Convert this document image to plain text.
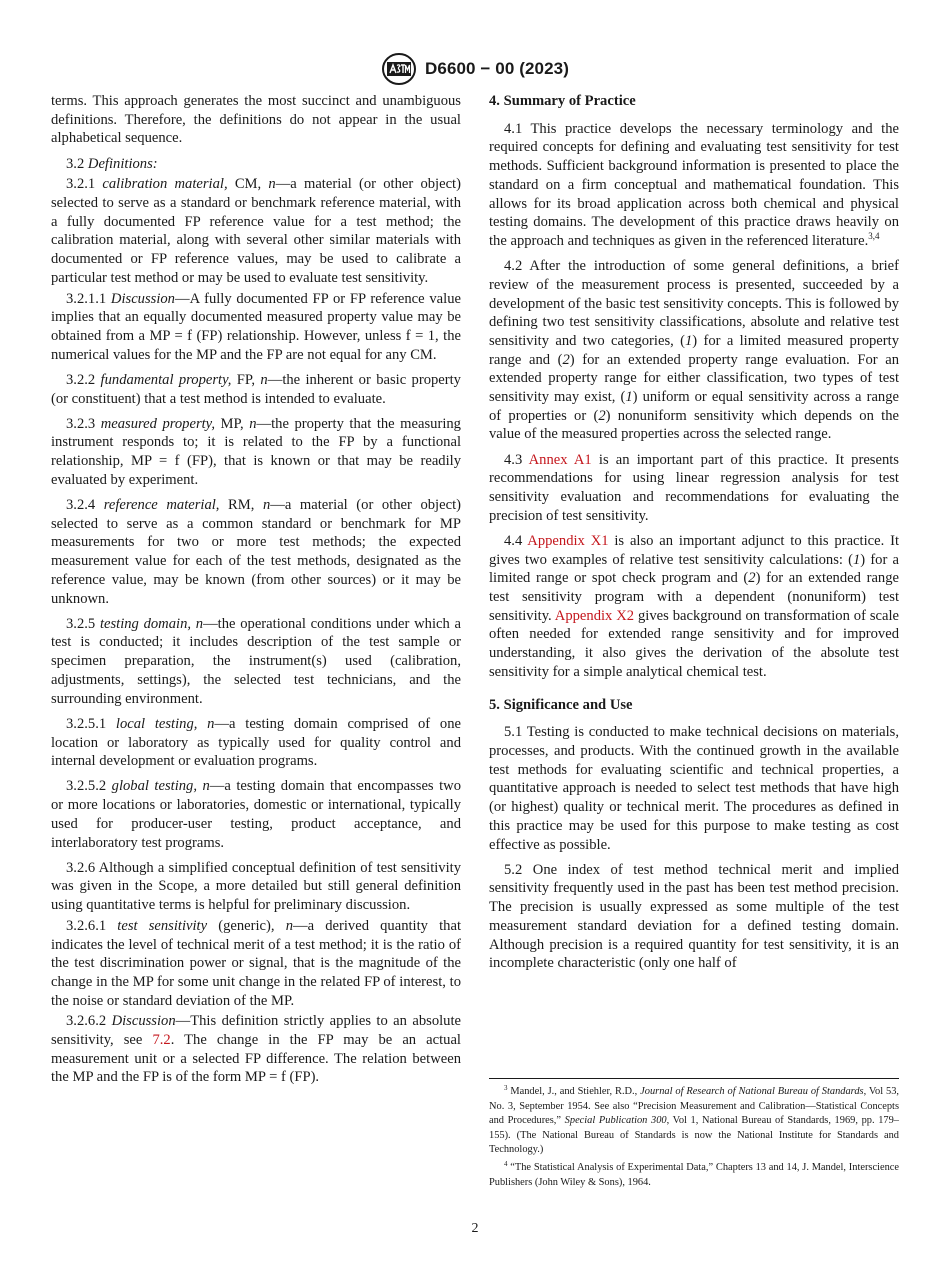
D6600 − 00 (2023)

terms. This approach generates the most succinct and unambiguous definitions. Therefore, the definitions do not appear in the usual alphabetical sequence.

3.2 Definitions:

3.2.1 calibration material, CM, n—a material (or other object) selected to serve as a standard or benchmark reference material, with a fully documented FP reference value for a test method; the calibration material, along with several other similar materials with documented or FP reference values, may be used to calibrate a particular test method or may be used to evaluate test sensitivity.

3.2.1.1 Discussion—A fully documented FP or FP reference value implies that an equally documented measured property value may be obtained from a MP = f (FP) relationship. However, unless f = 1, the numerical values for the MP and the FP are not equal for any CM.

3.2.2 fundamental property, FP, n—the inherent or basic property (or constituent) that a test method is intended to evaluate.

3.2.3 measured property, MP, n—the property that the measuring instrument responds to; it is related to the FP by a functional relationship, MP = f (FP), that is known or that may be readily evaluated by experiment.

3.2.4 reference material, RM, n—a material (or other object) selected to serve as a common standard or benchmark for MP measurements for two or more test methods; the expected measurement value for each of the test methods, designated as the reference value, may be known (from other sources) or it may be unknown.

3.2.5 testing domain, n—the operational conditions under which a test is conducted; it includes description of the test sample or specimen preparation, the instrument(s) used (calibration, adjustments, settings), the selected test technicians, and the surrounding environment.

3.2.5.1 local testing, n—a testing domain comprised of one location or laboratory as typically used for quality control and internal development or evaluation programs.

3.2.5.2 global testing, n—a testing domain that encompasses two or more locations or laboratories, domestic or international, typically used for producer-user testing, product acceptance, and interlaboratory test programs.

3.2.6 Although a simplified conceptual definition of test sensitivity was given in the Scope, a more detailed but still general definition using quantitative terms is helpful for preliminary discussion.

3.2.6.1 test sensitivity (generic), n—a derived quantity that indicates the level of technical merit of a test method; it is the ratio of the test discrimination power or signal, that is the magnitude of the change in the MP for some unit change in the related FP of interest, to the noise or standard deviation of the MP.

3.2.6.2 Discussion—This definition strictly applies to an absolute sensitivity, see 7.2. The change in the FP may be an actual measurement unit or a selected FP difference. The relation between the MP and the FP is of the form MP = f (FP).

4. Summary of Practice

4.1 This practice develops the necessary terminology and the required concepts for defining and evaluating test sensitivity for test methods. Sufficient background information is presented to place the standard on a firm conceptual and mathematical foundation. This allows for its broad application across both chemical and physical testing domains. The development of this practice draws heavily on the approach and techniques as given in the referenced literature.$^{3,4}$

4.2 After the introduction of some general definitions, a brief review of the measurement process is presented, succeeded by a development of the basic test sensitivity concepts. This is followed by defining two test sensitivity classifications, absolute and relative test sensitivity and two categories, (1) for a limited measured property range and (2) for an extended property range evaluation. For an extended property range for either classification, two types of test sensitivity may exist, (1) uniform or equal sensitivity across a range of properties or (2) nonuniform sensitivity which depends on the value of the measured properties across the selected range.

4.3 Annex A1 is an important part of this practice. It presents recommendations for using linear regression analysis for test sensitivity evaluation and recommendations for evaluating the precision of test sensitivity.

4.4 Appendix X1 is also an important adjunct to this practice. It gives two examples of relative test sensitivity calculations: (1) for a limited range or spot check program and (2) for an extended range test sensitivity program with a dependent (nonuniform) test sensitivity. Appendix X2 gives background on transformation of scale often needed for extended range sensitivity and for improved understanding, it also gives the derivation of the absolute test sensitivity for a simple analytical chemical test.

5. Significance and Use

5.1 Testing is conducted to make technical decisions on materials, processes, and products. With the continued growth in the available test methods for evaluating scientific and technical properties, a quantitative approach is needed to select test methods that have high (or highest) quality or technical merit. The procedures as defined in this practice may be used for this purpose to make testing as cost effective as possible.

5.2 One index of test method technical merit and implied sensitivity frequently used in the past has been test method precision. The precision is usually expressed as some multiple of the test measurement standard deviation for a defined testing domain. Although precision is a required quantity for test sensitivity, it is an incomplete characteristic (only one half of

$^3$ Mandel, J., and Stiehler, R.D., Journal of Research of National Bureau of Standards, Vol 53, No. 3, September 1954. See also “Precision Measurement and Calibration—Statistical Concepts and Procedures,” Special Publication 300, Vol 1, National Bureau of Standards, 1969, pp. 179–155). (The National Bureau of Standards is now the National Institute for Standards and Technology.)

$^4$ “The Statistical Analysis of Experimental Data,” Chapters 13 and 14, J. Mandel, Interscience Publishers (John Wiley & Sons), 1964.

2
